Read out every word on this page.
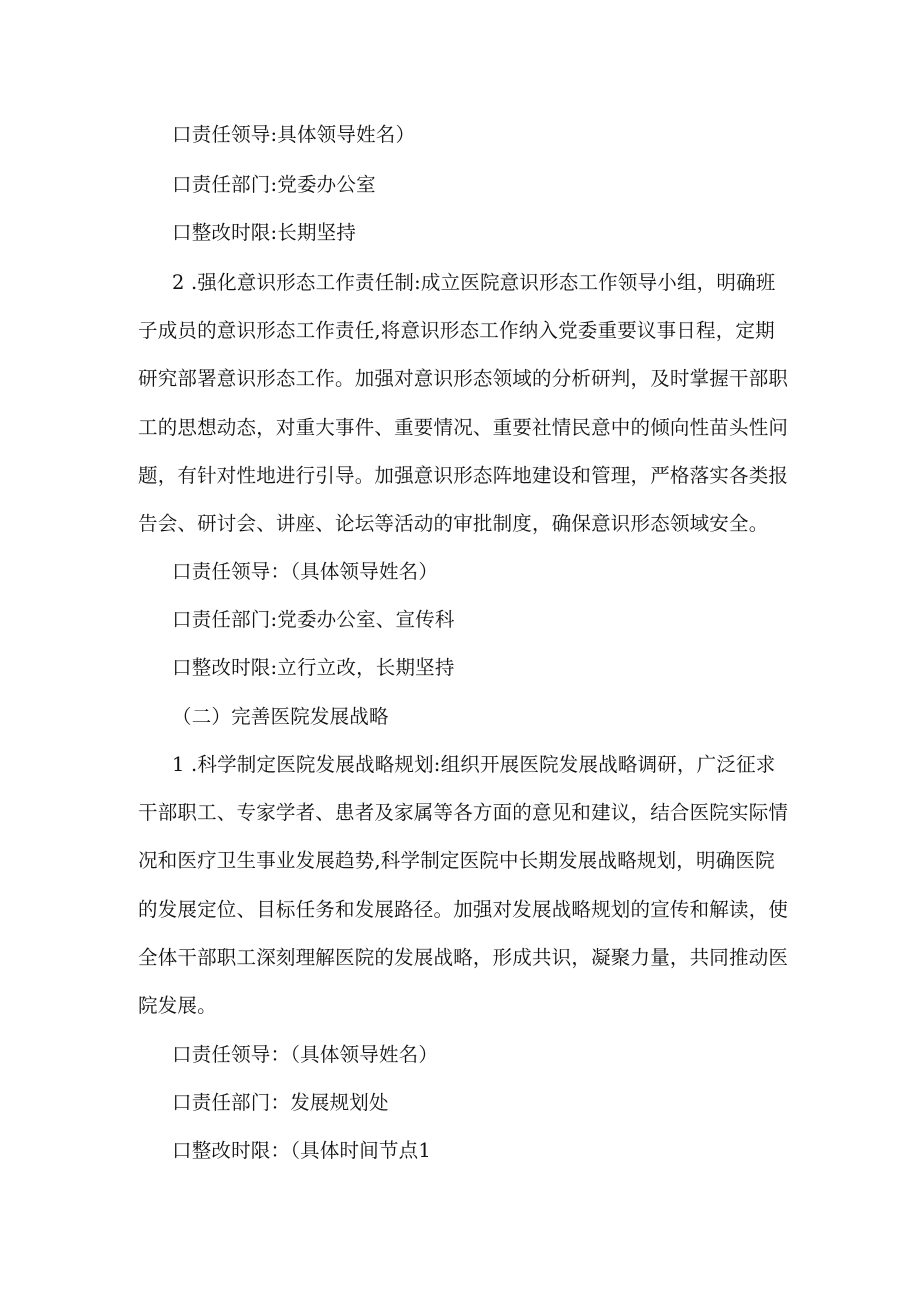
口责任领导:具体领导姓名）
口责任部门:党委办公室
口整改时限:长期坚持
2 .强化意识形态工作责任制:成立医院意识形态工作领导小组，明确班
子成员的意识形态工作责任,将意识形态工作纳入党委重要议事日程，定期
研究部署意识形态工作。加强对意识形态领域的分析研判，及时掌握干部职
工的思想动态，对重大事件、重要情况、重要社情民意中的倾向性苗头性问
题，有针对性地进行引导。加强意识形态阵地建设和管理，严格落实各类报
告会、研讨会、讲座、论坛等活动的审批制度，确保意识形态领域安全。
口责任领导：（具体领导姓名）
口责任部门:党委办公室、宣传科
口整改时限:立行立改，长期坚持
（二）完善医院发展战略
1 .科学制定医院发展战略规划:组织开展医院发展战略调研，广泛征求
干部职工、专家学者、患者及家属等各方面的意见和建议，结合医院实际情
况和医疗卫生事业发展趋势,科学制定医院中长期发展战略规划，明确医院
的发展定位、目标任务和发展路径。加强对发展战略规划的宣传和解读，使
全体干部职工深刻理解医院的发展战略，形成共识，凝聚力量，共同推动医
院发展。
口责任领导：（具体领导姓名）
口责任部门：发展规划处
口整改时限：（具体时间节点1
